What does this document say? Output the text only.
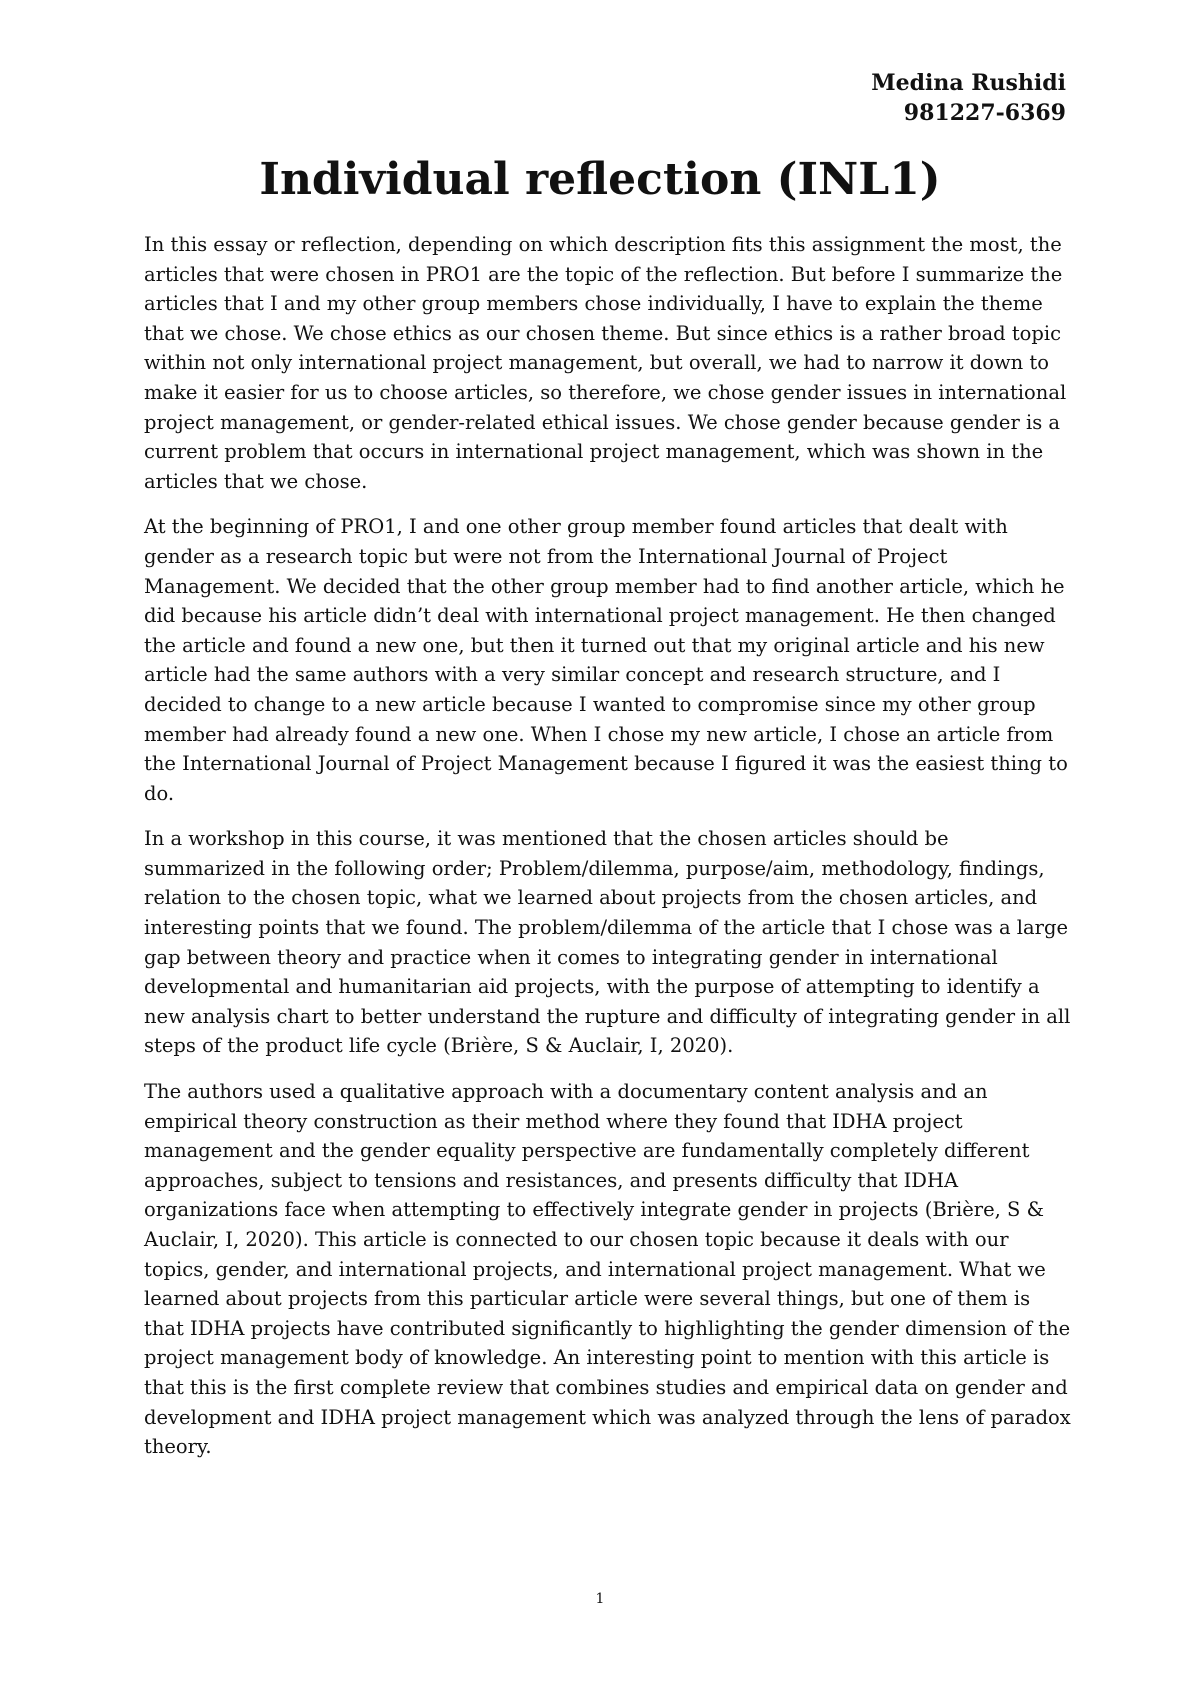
Medina Rushidi
981227-6369
Individual reflection (INL1)

In this essay or reflection, depending on which description fits this assignment the most, the articles that were chosen in PRO1 are the topic of the reflection. But before I summarize the articles that I and my other group members chose individually, I have to explain the theme that we chose. We chose ethics as our chosen theme. But since ethics is a rather broad topic within not only international project management, but overall, we had to narrow it down to make it easier for us to choose articles, so therefore, we chose gender issues in international project management, or gender-related ethical issues. We chose gender because gender is a current problem that occurs in international project management, which was shown in the articles that we chose.

At the beginning of PRO1, I and one other group member found articles that dealt with gender as a research topic but were not from the International Journal of Project Management. We decided that the other group member had to find another article, which he did because his article didn’t deal with international project management. He then changed the article and found a new one, but then it turned out that my original article and his new article had the same authors with a very similar concept and research structure, and I decided to change to a new article because I wanted to compromise since my other group member had already found a new one. When I chose my new article, I chose an article from the International Journal of Project Management because I figured it was the easiest thing to do.

In a workshop in this course, it was mentioned that the chosen articles should be summarized in the following order; Problem/dilemma, purpose/aim, methodology, findings, relation to the chosen topic, what we learned about projects from the chosen articles, and interesting points that we found. The problem/dilemma of the article that I chose was a large gap between theory and practice when it comes to integrating gender in international developmental and humanitarian aid projects, with the purpose of attempting to identify a new analysis chart to better understand the rupture and difficulty of integrating gender in all steps of the product life cycle (Brière, S & Auclair, I, 2020).

The authors used a qualitative approach with a documentary content analysis and an empirical theory construction as their method where they found that IDHA project management and the gender equality perspective are fundamentally completely different approaches, subject to tensions and resistances, and presents difficulty that IDHA organizations face when attempting to effectively integrate gender in projects (Brière, S & Auclair, I, 2020). This article is connected to our chosen topic because it deals with our topics, gender, and international projects, and international project management. What we learned about projects from this particular article were several things, but one of them is that IDHA projects have contributed significantly to highlighting the gender dimension of the project management body of knowledge. An interesting point to mention with this article is that this is the first complete review that combines studies and empirical data on gender and development and IDHA project management which was analyzed through the lens of paradox theory.

1
